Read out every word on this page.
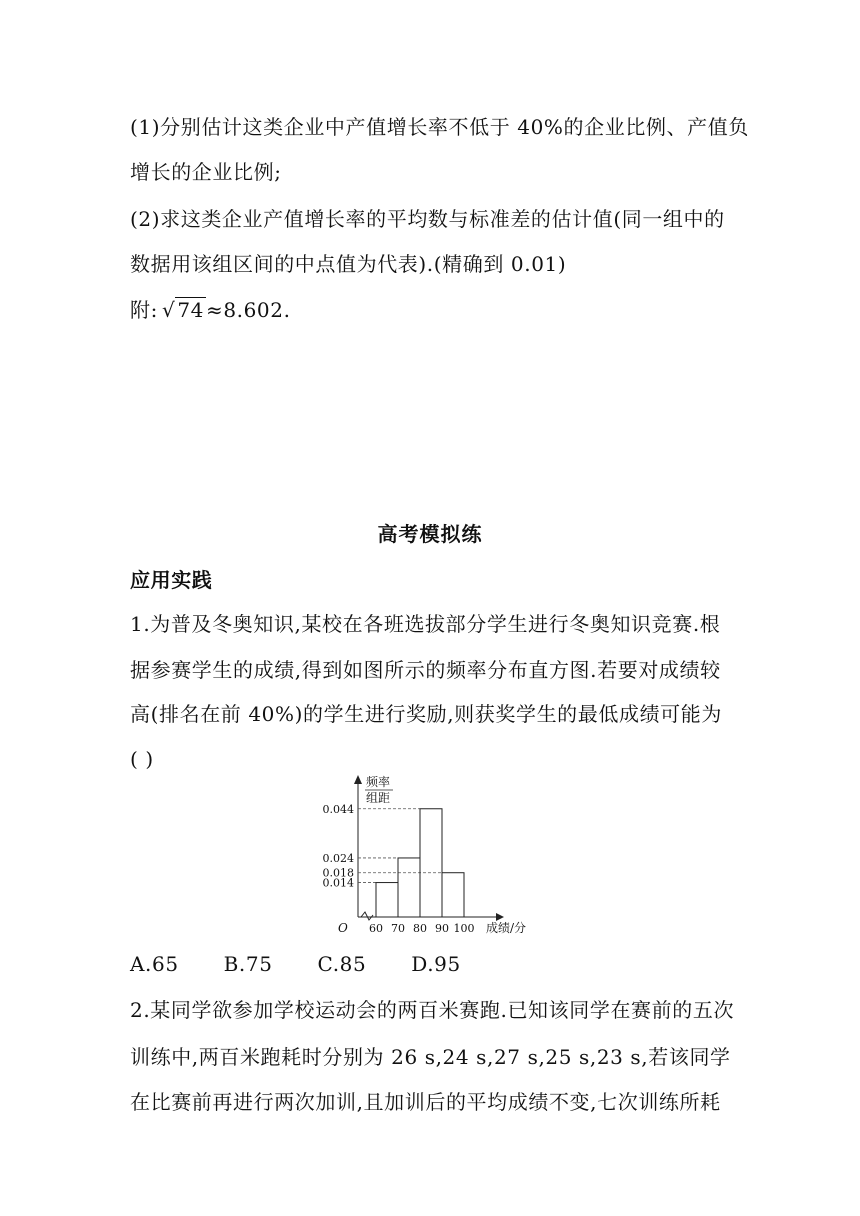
(1)分别估计这类企业中产值增长率不低于 40%的企业比例、产值负
增长的企业比例;
(2)求这类企业产值增长率的平均数与标准差的估计值(同一组中的
数据用该组区间的中点值为代表).(精确到 0.01)
附: √ 74 ≈8.602.
高考模拟练
应用实践
1.为普及冬奥知识,某校在各班选拔部分学生进行冬奥知识竞赛.根
据参赛学生的成绩,得到如图所示的频率分布直方图.若要对成绩较
高(排名在前 40%)的学生进行奖励,则获奖学生的最低成绩可能为
( )
频率
组距
0.044
0.024
0.018
0.014
60 70 80 90 100
O	成绩/分
A.65 B.75 C.85 D.95
2.某同学欲参加学校运动会的两百米赛跑.已知该同学在赛前的五次
训练中,两百米跑耗时分别为 26 s,24 s,27 s,25 s,23 s,若该同学
在比赛前再进行两次加训,且加训后的平均成绩不变,七次训练所耗
